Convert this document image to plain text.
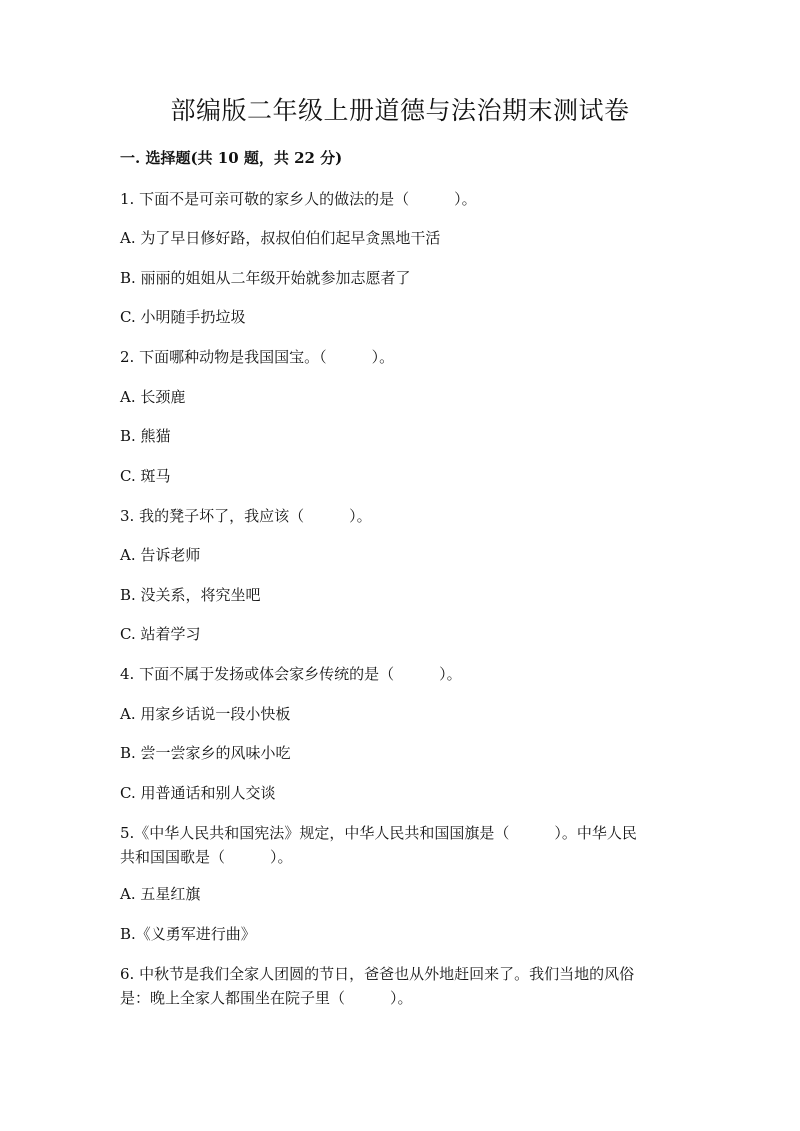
部编版二年级上册道德与法治期末测试卷
一. 选择题(共 10 题，共 22 分)
1. 下面不是可亲可敬的家乡人的做法的是（　　　）。
A. 为了早日修好路，叔叔伯伯们起早贪黑地干活
B. 丽丽的姐姐从二年级开始就参加志愿者了
C. 小明随手扔垃圾
2. 下面哪种动物是我国国宝。（　　　）。
A. 长颈鹿
B. 熊猫
C. 斑马
3. 我的凳子坏了，我应该（　　　）。
A. 告诉老师
B. 没关系，将究坐吧
C. 站着学习
4. 下面不属于发扬或体会家乡传统的是（　　　）。
A. 用家乡话说一段小快板
B. 尝一尝家乡的风味小吃
C. 用普通话和别人交谈
5.《中华人民共和国宪法》规定，中华人民共和国国旗是（　　　）。中华人民
共和国国歌是（　　　）。
A. 五星红旗
B.《义勇军进行曲》
6. 中秋节是我们全家人团圆的节日，爸爸也从外地赶回来了。我们当地的风俗
是：晚上全家人都围坐在院子里（　　　）。
